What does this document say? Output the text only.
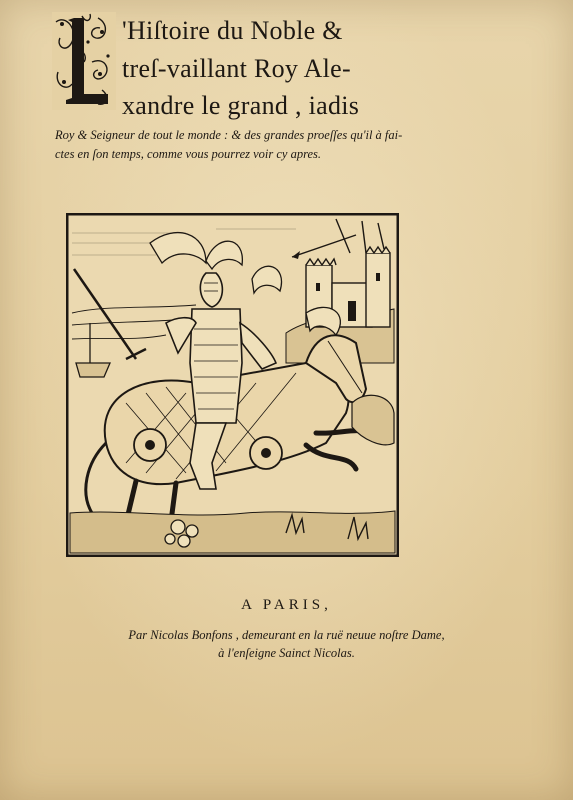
'Hiſtoire du Noble &
treſ-vaillant Roy Ale-
xandre le grand , iadis
Roy & Seigneur de tout le monde : & des grandes proeſſes qu'il à fai-
ctes en ſon temps, comme vous pourrez voir cy apres.
A PARIS,
Par Nicolas Bonfons , demeurant en la ruë neuue noſtre Dame,
à l'enſeigne Sainct Nicolas.
